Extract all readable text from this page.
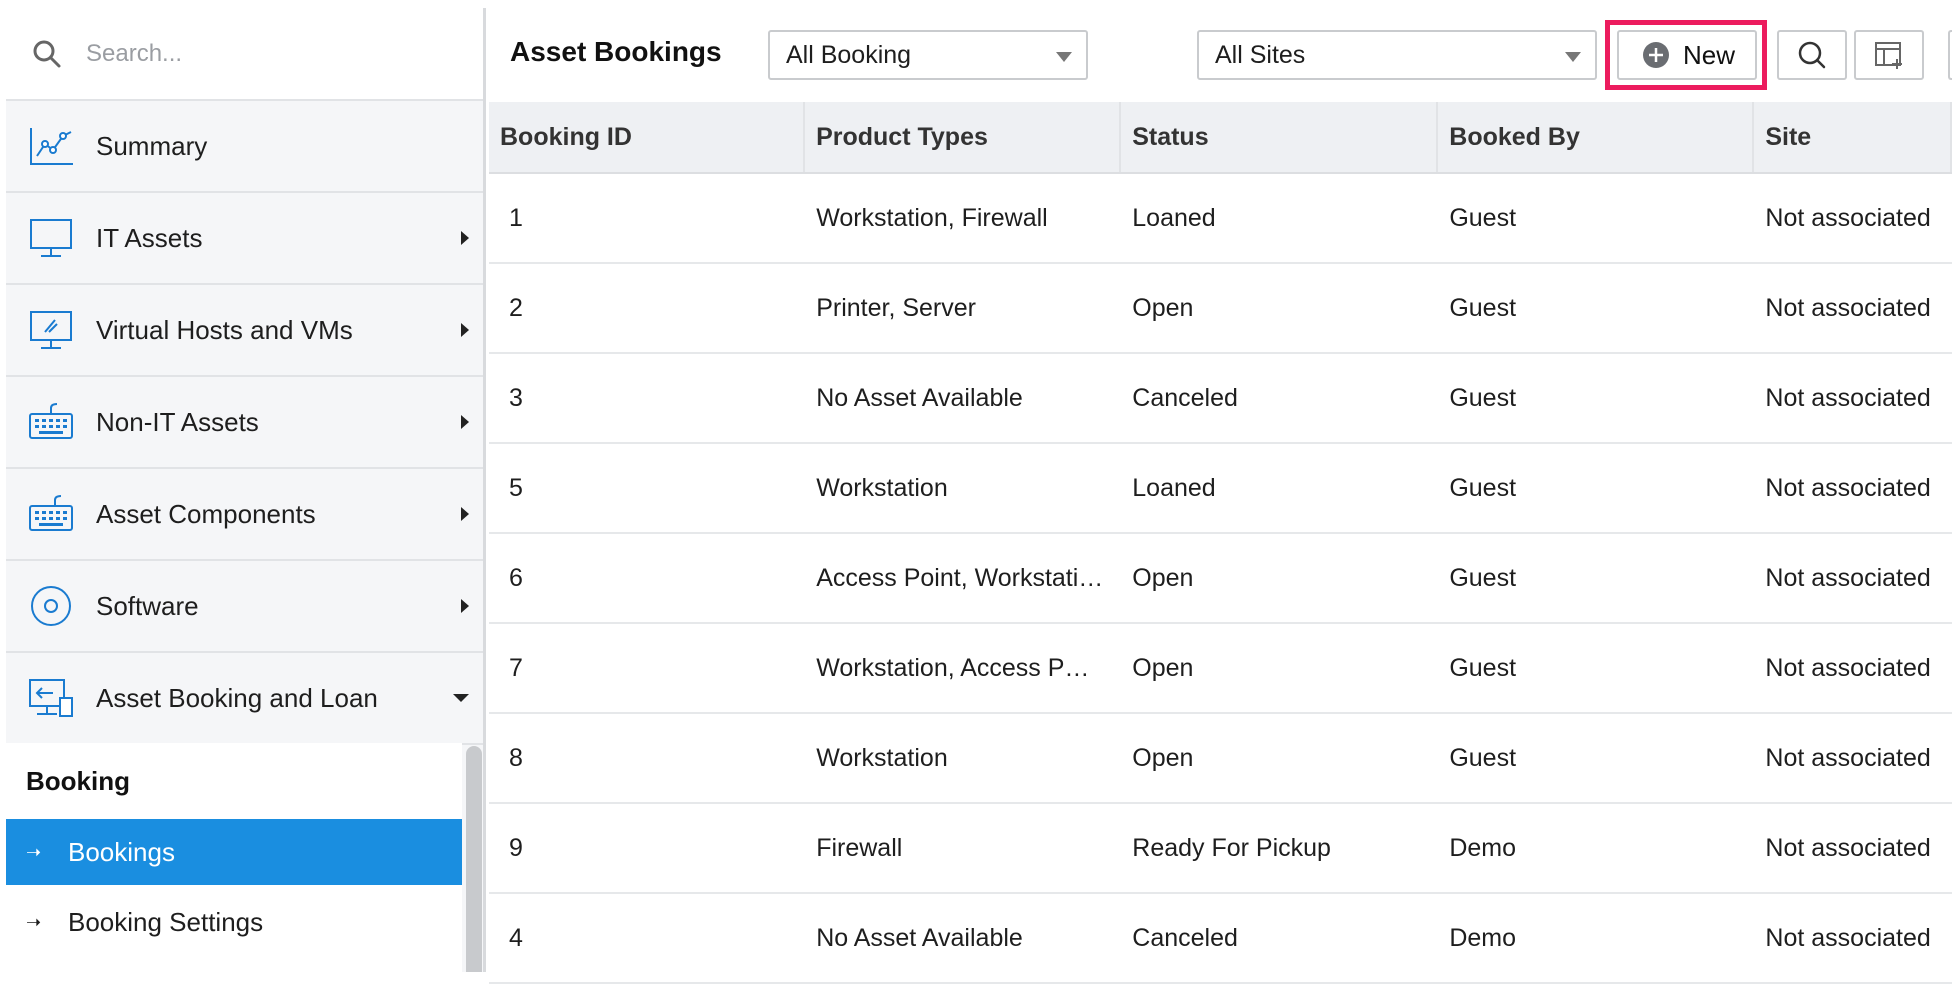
Search...
Summary
IT Assets
Virtual Hosts and VMs
Non-IT Assets
Asset Components
Software
Asset Booking and Loan
Booking
➝	Bookings
➝	Booking Settings
Asset Bookings	All Booking	All Sites	New
Booking ID	Product Types	Status	Booked By	Site
1	Workstation, Firewall	Loaned	Guest	Not associated
2	Printer, Server	Open	Guest	Not associated
3	No Asset Available	Canceled	Guest	Not associated
5	Workstation	Loaned	Guest	Not associated
6	Access Point, Workstati…	Open	Guest	Not associated
7	Workstation, Access P…	Open	Guest	Not associated
8	Workstation	Open	Guest	Not associated
9	Firewall	Ready For Pickup	Demo	Not associated
4	No Asset Available	Canceled	Demo	Not associated
